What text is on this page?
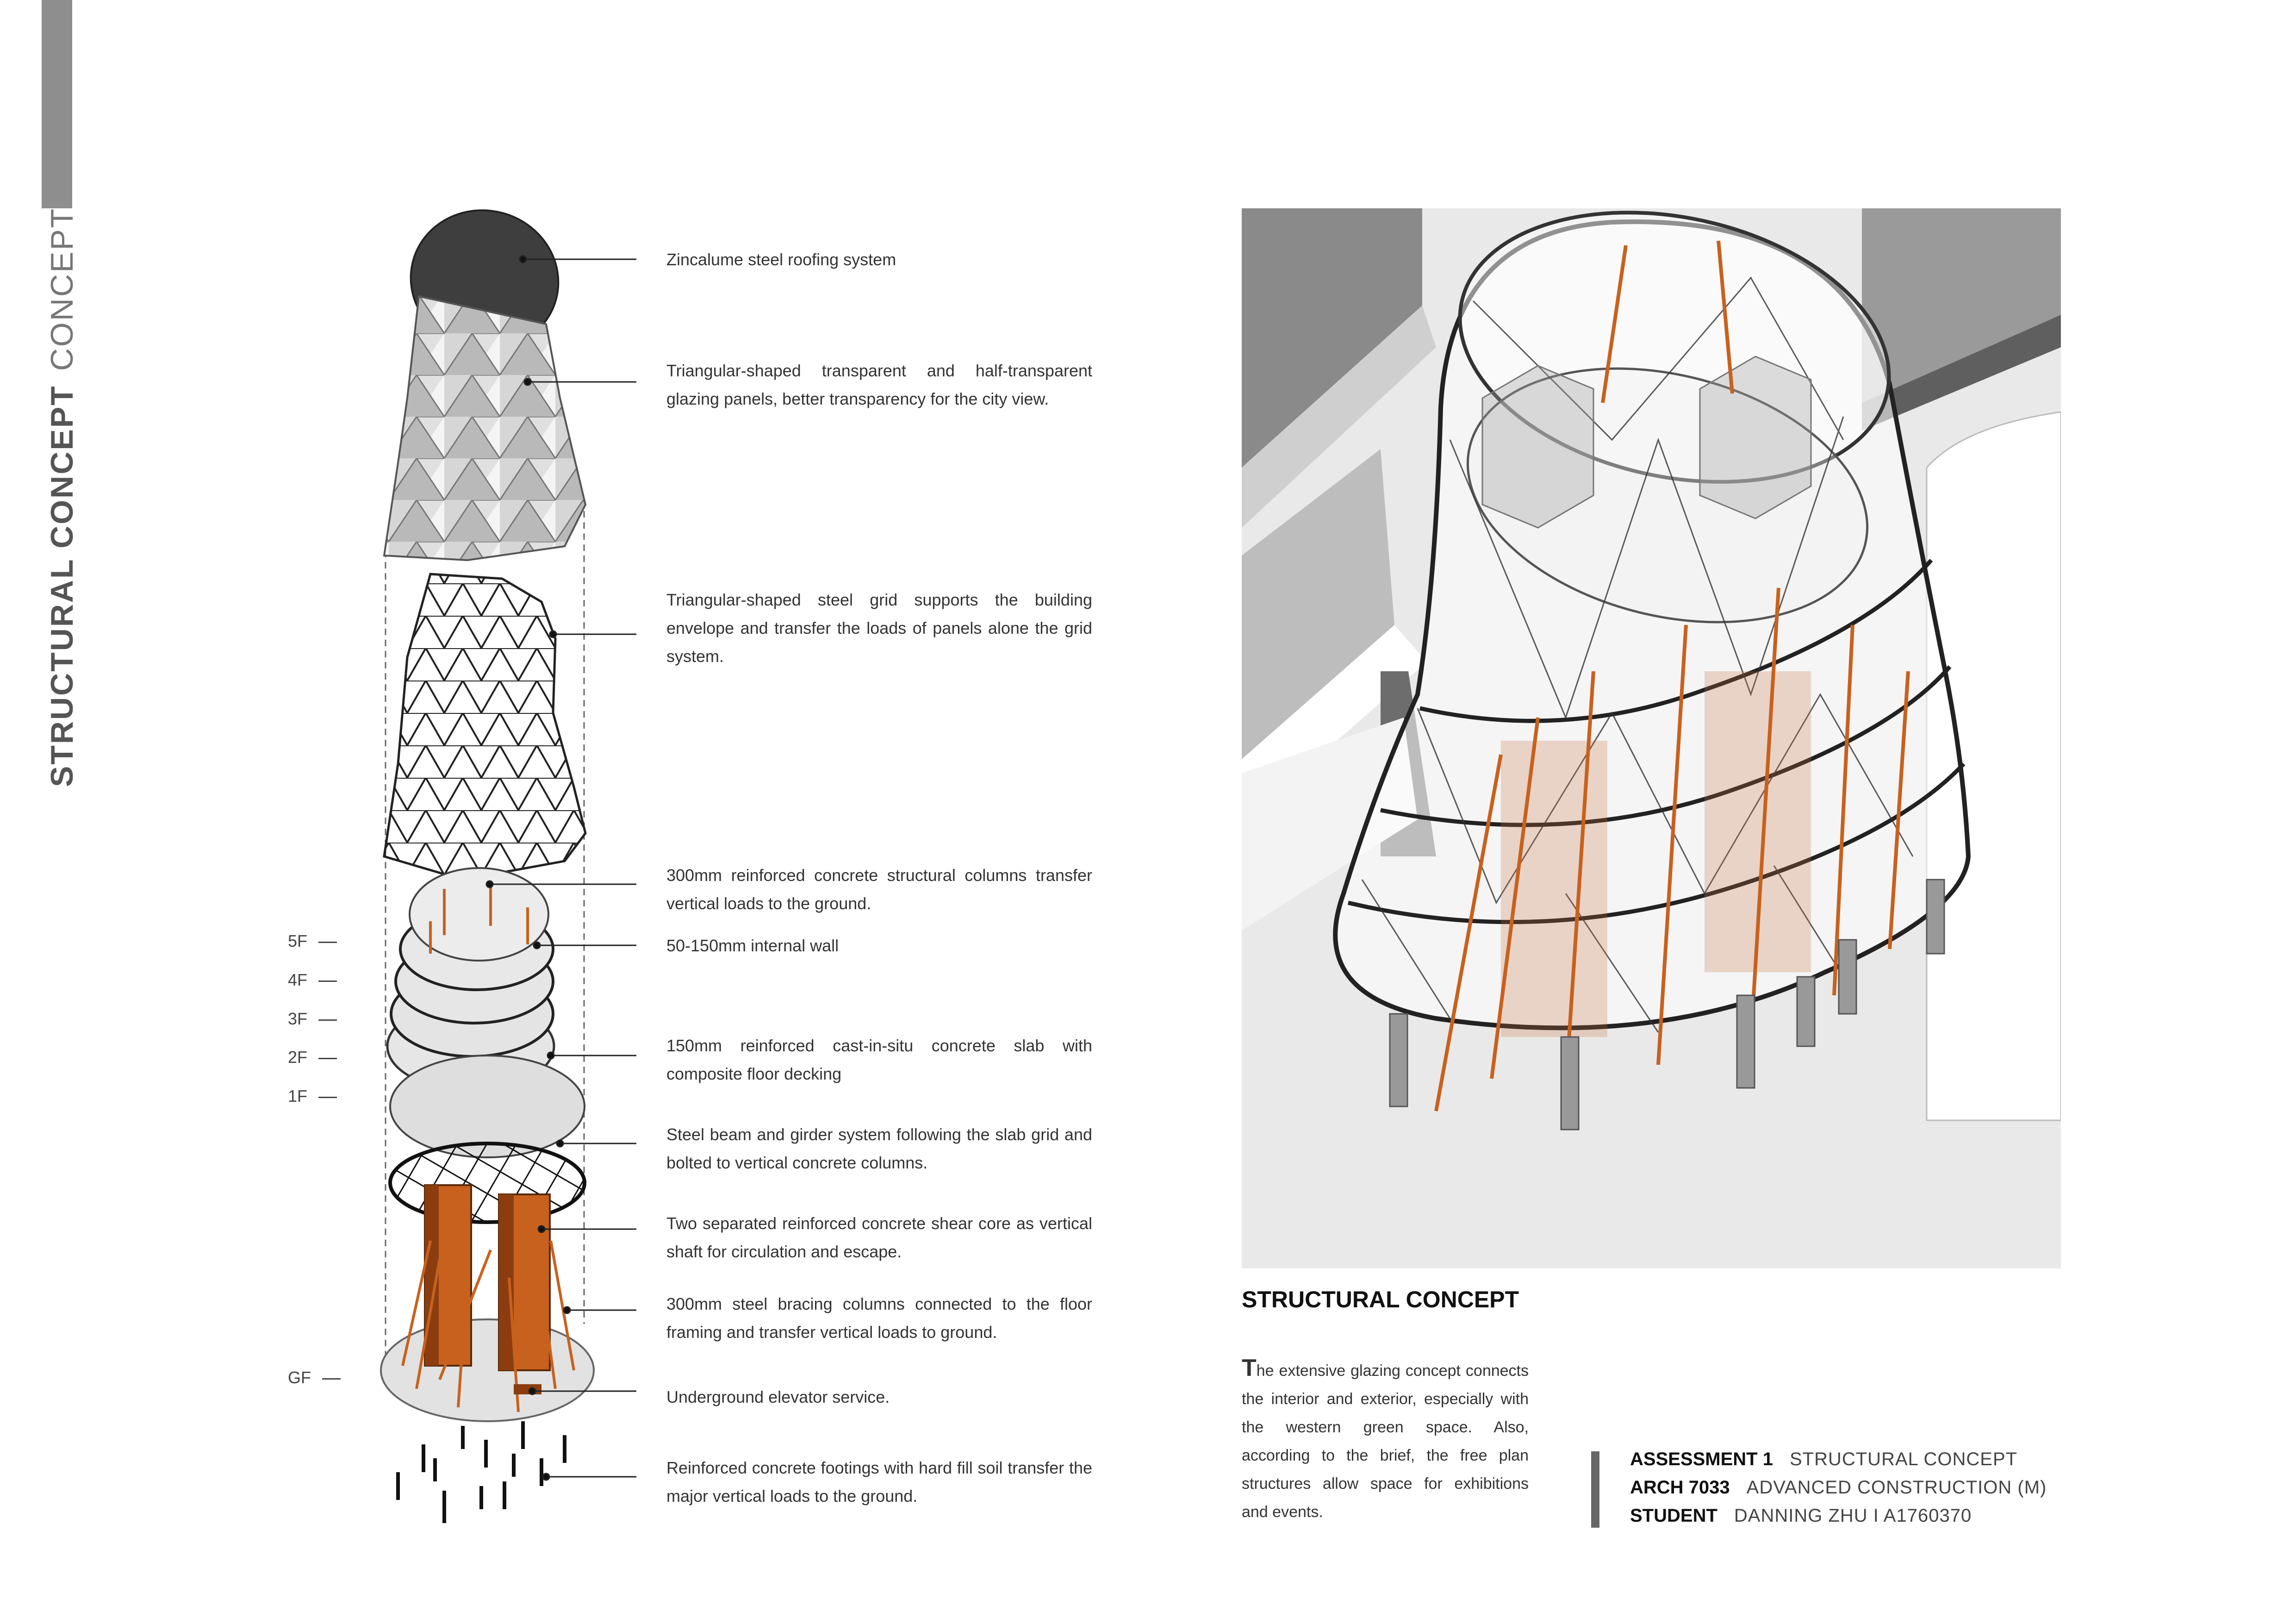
STRUCTURAL CONCEPTCONCEPT
5F
4F
3F
2F
1F
GF
Zincalume steel roofing system
Triangular-shaped transparent and half-transparent glazing panels, better transparency for the city view.
Triangular-shaped steel grid supports the building envelope and transfer the loads of panels alone the grid system.
300mm reinforced concrete structural columns transfer vertical loads to the ground.
50-150mm internal wall
150mm reinforced cast-in-situ concrete slab with composite floor decking
Steel beam and girder system following the slab grid and bolted to vertical concrete columns.
Two separated reinforced concrete shear core as vertical shaft for circulation and escape.
300mm steel bracing columns connected to the floor framing and transfer vertical loads to ground.
Underground elevator service.
Reinforced concrete footings with hard fill soil transfer the major vertical loads to the ground.
STRUCTURAL CONCEPT
The extensive glazing concept connects the interior and exterior, especially with the western green space. Also, according to the brief, the free plan structures allow space for exhibitions and events.
ASSESSMENT 1 STRUCTURAL CONCEPT
ARCH 7033 ADVANCED CONSTRUCTION (M)
STUDENT DANNING ZHU I A1760370
